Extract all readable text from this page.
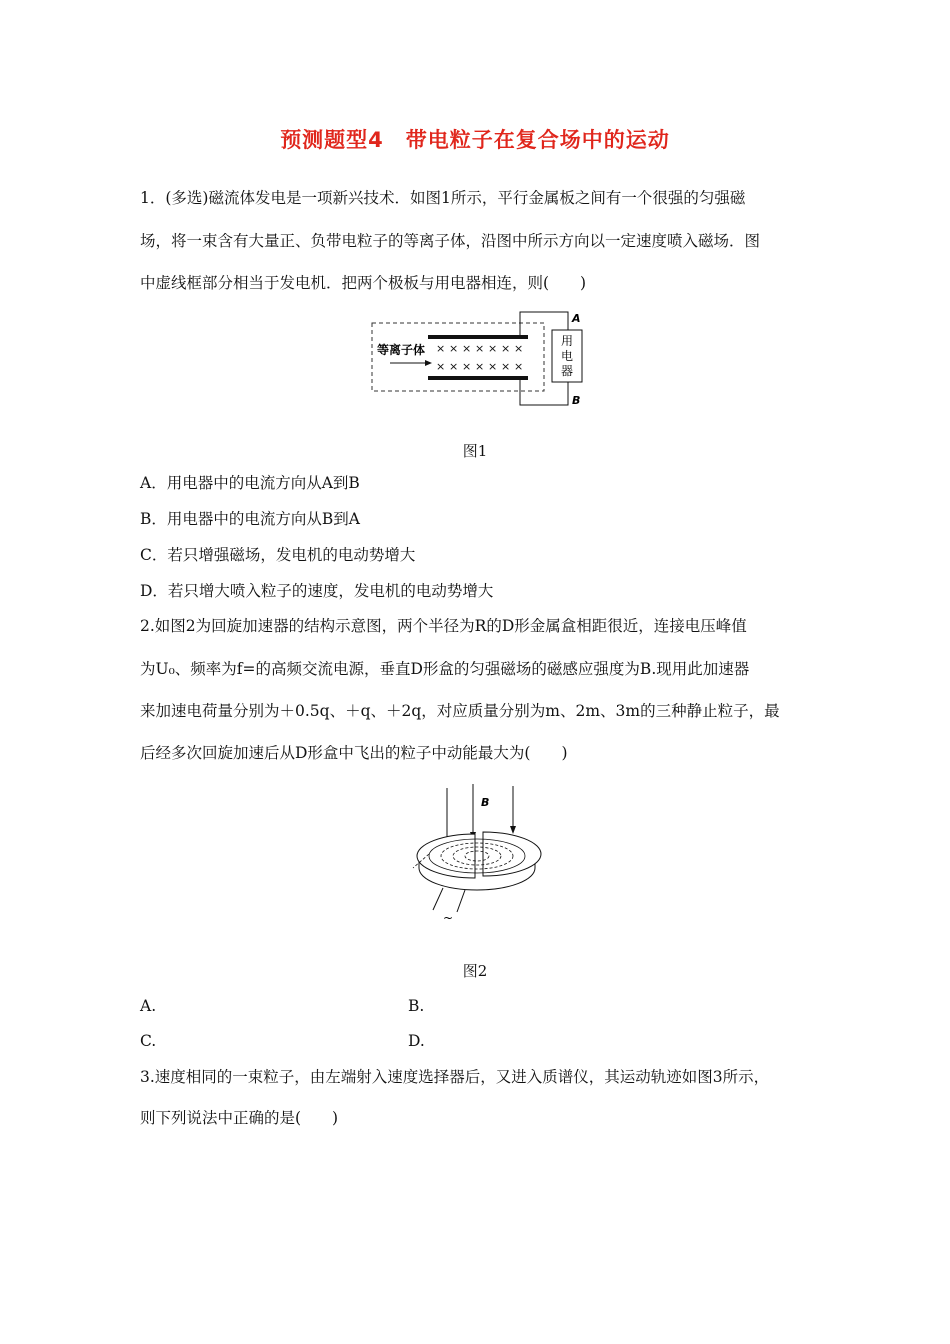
预测题型4　带电粒子在复合场中的运动
1．(多选)磁流体发电是一项新兴技术．如图1所示，平行金属板之间有一个很强的匀强磁
场，将一束含有大量正、负带电粒子的等离子体，沿图中所示方向以一定速度喷入磁场．图
中虚线框部分相当于发电机．把两个极板与用电器相连，则(　　)
用
电
器
A
B
等离子体 × × × × × × ×
× × × × × × ×
图1
A．用电器中的电流方向从A到B
B．用电器中的电流方向从B到A
C．若只增强磁场，发电机的电动势增大
D．若只增大喷入粒子的速度，发电机的电动势增大
2.如图2为回旋加速器的结构示意图，两个半径为R的D形金属盒相距很近，连接电压峰值
为U₀、频率为f=的高频交流电源，垂直D形盒的匀强磁场的磁感应强度为B.现用此加速器
来加速电荷量分别为＋0.5q、＋q、＋2q，对应质量分别为m、2m、3m的三种静止粒子，最
后经多次回旋加速后从D形盒中飞出的粒子中动能最大为(　　)
B
~
图2
A.	B.
C.	D.
3.速度相同的一束粒子，由左端射入速度选择器后，又进入质谱仪，其运动轨迹如图3所示，
则下列说法中正确的是(　　)
